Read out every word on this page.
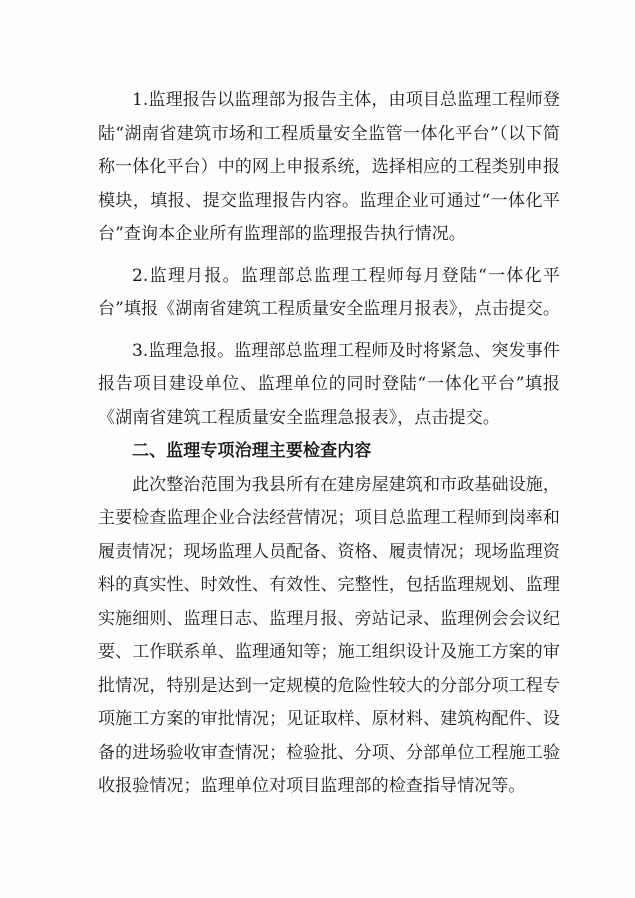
1.监理报告以监理部为报告主体，由项目总监理工程师登陆“湖南省建筑市场和工程质量安全监管一体化平台”（以下简称一体化平台）中的网上申报系统，选择相应的工程类别申报模块，填报、提交监理报告内容。监理企业可通过“一体化平台”查询本企业所有监理部的监理报告执行情况。

2.监理月报。监理部总监理工程师每月登陆“一体化平台”填报《湖南省建筑工程质量安全监理月报表》，点击提交。

3.监理急报。监理部总监理工程师及时将紧急、突发事件报告项目建设单位、监理单位的同时登陆“一体化平台”填报《湖南省建筑工程质量安全监理急报表》，点击提交。

二、监理专项治理主要检查内容

此次整治范围为我县所有在建房屋建筑和市政基础设施，主要检查监理企业合法经营情况；项目总监理工程师到岗率和履责情况；现场监理人员配备、资格、履责情况；现场监理资料的真实性、时效性、有效性、完整性，包括监理规划、监理实施细则、监理日志、监理月报、旁站记录、监理例会会议纪要、工作联系单、监理通知等；施工组织设计及施工方案的审批情况，特别是达到一定规模的危险性较大的分部分项工程专项施工方案的审批情况；见证取样、原材料、建筑构配件、设备的进场验收审查情况；检验批、分项、分部单位工程施工验收报验情况；监理单位对项目监理部的检查指导情况等。
